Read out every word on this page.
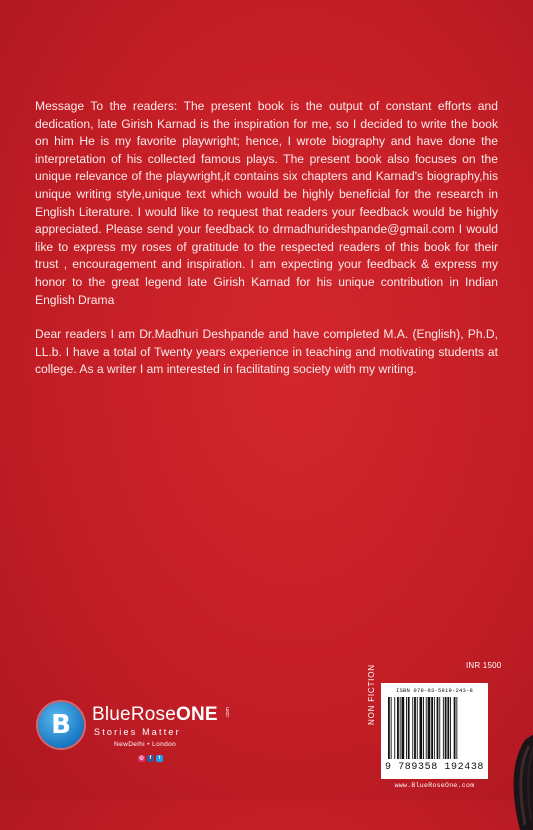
Message To the readers: The present book is the output of constant efforts and dedication, late Girish Karnad is the inspiration for me, so I decided to write the book on him He is my favorite playwright; hence, I wrote biography and have done the interpretation of his collected famous plays. The present book also focuses on the unique relevance of the playwright,it contains six chapters and Karnad's biography,his unique writing style,unique text which would be highly beneficial for the research in English Literature. I would like to request that readers your feedback would be highly appreciated. Please send your feedback to drmadhurideshpande@gmail.com I would like to express my roses of gratitude to the respected readers of this book for their trust , encouragement and inspiration. I am expecting your feedback & express my honor to the great legend late Girish Karnad for his unique contribution in Indian English Drama

Dear readers I am Dr.Madhuri Deshpande and have completed M.A. (English), Ph.D, LL.b. I have a total of Twenty years experience in teaching and motivating students at college. As a writer I am interested in facilitating society with my writing.

B	BlueRoseONE .com
Stories Matter
NewDelhi • London
◎	f	t
INR 1500
NON FICTION	ISBN 978-93-5819-243-8
9 789358 192438
www.BlueRoseOne.com
